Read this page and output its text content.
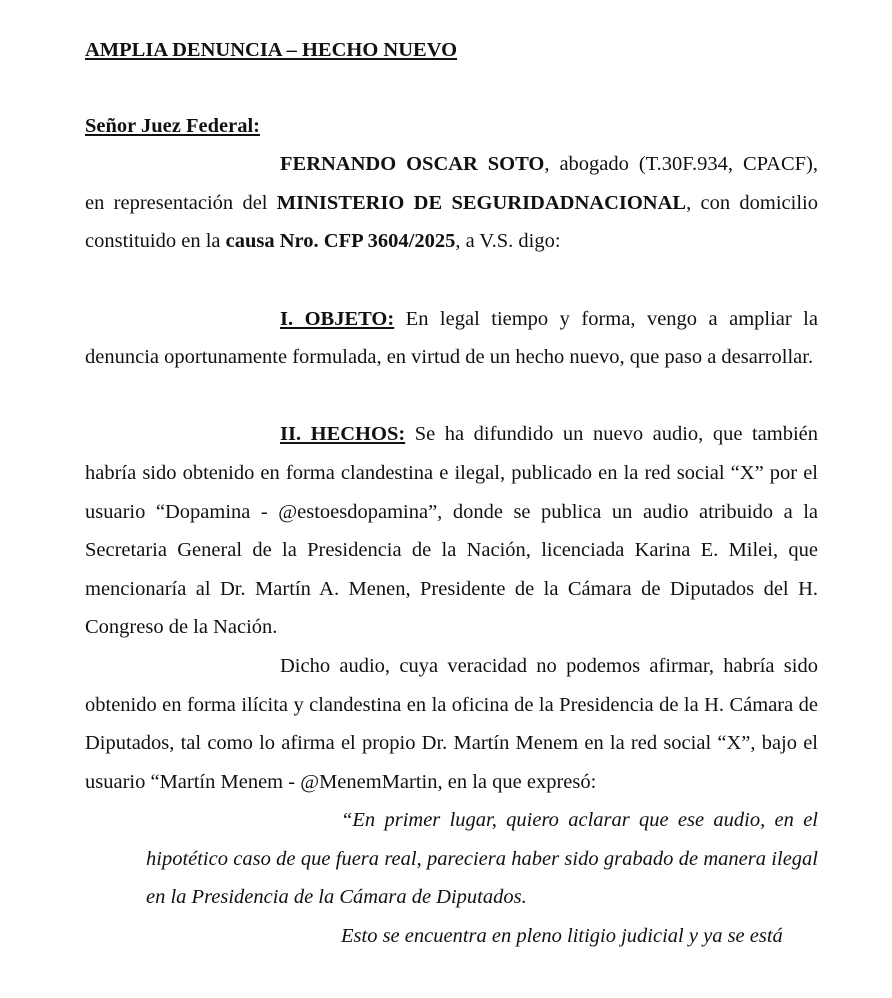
AMPLIA DENUNCIA – HECHO NUEVO
Señor Juez Federal:

FERNANDO OSCAR SOTO, abogado (T.30F.934, CPACF), en representación del MINISTERIO DE SEGURIDADNACIONAL, con domicilio constituido en la causa Nro. CFP 3604/2025, a V.S. digo:

I. OBJETO: En legal tiempo y forma, vengo a ampliar la denuncia oportunamente formulada, en virtud de un hecho nuevo, que paso a desarrollar.

II. HECHOS: Se ha difundido un nuevo audio, que también habría sido obtenido en forma clandestina e ilegal, publicado en la red social “X” por el usuario “Dopamina - @estoesdopamina”, donde se publica un audio atribuido a la Secretaria General de la Presidencia de la Nación, licenciada Karina E. Milei, que mencionaría al Dr. Martín A. Menen, Presidente de la Cámara de Diputados del H. Congreso de la Nación.

Dicho audio, cuya veracidad no podemos afirmar, habría sido obtenido en forma ilícita y clandestina en la oficina de la Presidencia de la H. Cámara de Diputados, tal como lo afirma el propio Dr. Martín Menem en la red social “X”, bajo el usuario “Martín Menem - @MenemMartin, en la que expresó:

“En primer lugar, quiero aclarar que ese audio, en el hipotético caso de que fuera real, pareciera haber sido grabado de manera ilegal en la Presidencia de la Cámara de Diputados.

Esto se encuentra en pleno litigio judicial y ya se está
